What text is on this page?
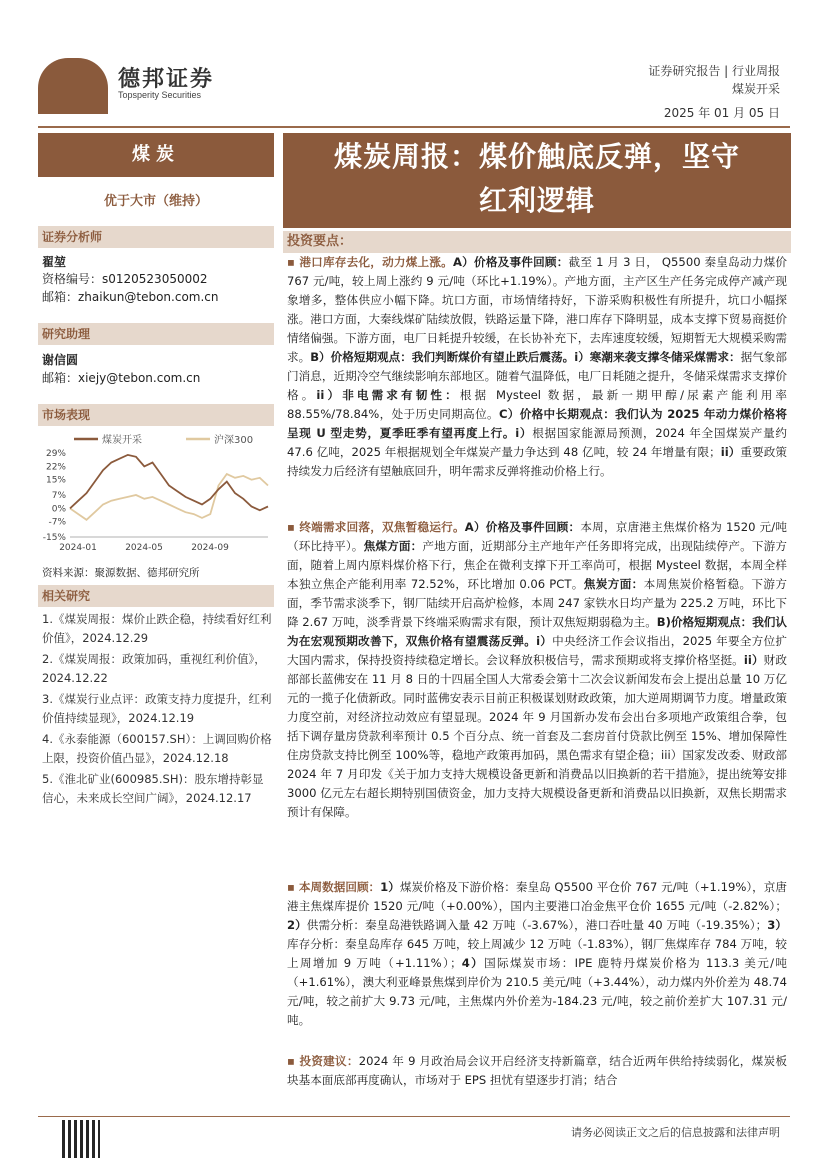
德邦证券
Topsperity Securities
证券研究报告 | 行业周报
煤炭开采
2025 年 01 月 05 日
煤炭
优于大市（维持）
证券分析师
翟堃
资格编号：s0120523050002
邮箱：zhaikun@tebon.com.cn
研究助理
谢信圆
邮箱：xiejy@tebon.com.cn
市场表现
煤炭开采	沪深300
29%
22%
15%
7%
0%
-7%
-15%
2024-01	2024-05	2024-09
资料来源：聚源数据、德邦研究所
相关研究

1.《煤炭周报：煤价止跌企稳，持续看好红利价值》，2024.12.29

2.《煤炭周报：政策加码，重视红利价值》，2024.12.22

3.《煤炭行业点评：政策支持力度提升，红利价值持续显现》，2024.12.19

4.《永泰能源（600157.SH）：上调回购价格上限，投资价值凸显》，2024.12.18

5.《淮北矿业(600985.SH)：股东增持彰显信心，未来成长空间广阔》，2024.12.17

煤炭周报：煤价触底反弹，坚守
红利逻辑
投资要点：
▪ 港口库存去化，动力煤上涨。A）价格及事件回顾：截至 1 月 3 日， Q5500 秦皇岛动力煤价 767 元/吨，较上周上涨约 9 元/吨（环比+1.19%）。产地方面，主产区生产任务完成停产减产现象增多，整体供应小幅下降。坑口方面，市场情绪持好，下游采购积极性有所提升，坑口小幅探涨。港口方面，大秦线煤矿陆续放假，铁路运量下降，港口库存下降明显，成本支撑下贸易商挺价情绪偏强。下游方面，电厂日耗提升较缓，在长协补充下，去库速度较缓，短期暂无大规模采购需求。B）价格短期观点：我们判断煤价有望止跌后震荡。i）寒潮来袭支撑冬储采煤需求：据气象部门消息，近期冷空气继续影响东部地区。随着气温降低，电厂日耗随之提升，冬储采煤需求支撑价格。ii）非电需求有韧性：根据 Mysteel 数据，最新一期甲醇/尿素产能利用率 88.55%/78.84%，处于历史同期高位。C）价格中长期观点：我们认为 2025 年动力煤价格将呈现 U 型走势，夏季旺季有望再度上行。i）根据国家能源局预测，2024 年全国煤炭产量约 47.6 亿吨，2025 年根据规划全年煤炭产量力争达到 48 亿吨，较 24 年增量有限；ii）重要政策持续发力后经济有望触底回升，明年需求反弹将推动价格上行。
▪ 终端需求回落，双焦暂稳运行。A）价格及事件回顾：本周，京唐港主焦煤价格为 1520 元/吨（环比持平）。焦煤方面：产地方面，近期部分主产地年产任务即将完成，出现陆续停产。下游方面，随着上周内原料煤价格下行，焦企在微利支撑下开工率尚可，根据 Mysteel 数据，本周全样本独立焦企产能利用率 72.52%，环比增加 0.06 PCT。焦炭方面：本周焦炭价格暂稳。下游方面，季节需求淡季下，钢厂陆续开启高炉检修，本周 247 家铁水日均产量为 225.2 万吨，环比下降 2.67 万吨，淡季背景下终端采购需求有限，预计双焦短期弱稳为主。B)价格短期观点：我们认为在宏观预期改善下，双焦价格有望震荡反弹。i）中央经济工作会议指出，2025 年要全方位扩大国内需求，保持投资持续稳定增长。会议释放积极信号，需求预期或将支撑价格坚挺。ii）财政部部长蓝佛安在 11 月 8 日的十四届全国人大常委会第十二次会议新闻发布会上提出总量 10 万亿元的一揽子化债新政。同时蓝佛安表示目前正积极谋划财政政策，加大逆周期调节力度。增量政策力度空前，对经济拉动效应有望显现。2024 年 9 月国新办发布会出台多项地产政策组合拳，包括下调存量房贷款利率预计 0.5 个百分点、统一首套及二套房首付贷款比例至 15%、增加保障性住房贷款支持比例至 100%等，稳地产政策再加码，黑色需求有望企稳；iii）国家发改委、财政部 2024 年 7 月印发《关于加力支持大规模设备更新和消费品以旧换新的若干措施》，提出统筹安排 3000 亿元左右超长期特别国债资金，加力支持大规模设备更新和消费品以旧换新，双焦长期需求预计有保障。
▪ 本周数据回顾：1）煤炭价格及下游价格：秦皇岛 Q5500 平仓价 767 元/吨（+1.19%），京唐港主焦煤库提价 1520 元/吨（+0.00%），国内主要港口冶金焦平仓价 1655 元/吨（-2.82%）；2）供需分析：秦皇岛港铁路调入量 42 万吨（-3.67%），港口吞吐量 40 万吨（-19.35%）；3）库存分析：秦皇岛库存 645 万吨，较上周减少 12 万吨（-1.83%），钢厂焦煤库存 784 万吨，较上周增加 9 万吨（+1.11%）；4）国际煤炭市场：IPE 鹿特丹煤炭价格为 113.3 美元/吨（+1.61%），澳大利亚峰景焦煤到岸价为 210.5 美元/吨（+3.44%），动力煤内外价差为 48.74 元/吨，较之前扩大 9.73 元/吨，主焦煤内外价差为-184.23 元/吨，较之前价差扩大 107.31 元/吨。
▪ 投资建议：2024 年 9 月政治局会议开启经济支持新篇章，结合近两年供给持续弱化，煤炭板块基本面底部再度确认，市场对于 EPS 担忧有望逐步打消；结合
请务必阅读正文之后的信息披露和法律声明
